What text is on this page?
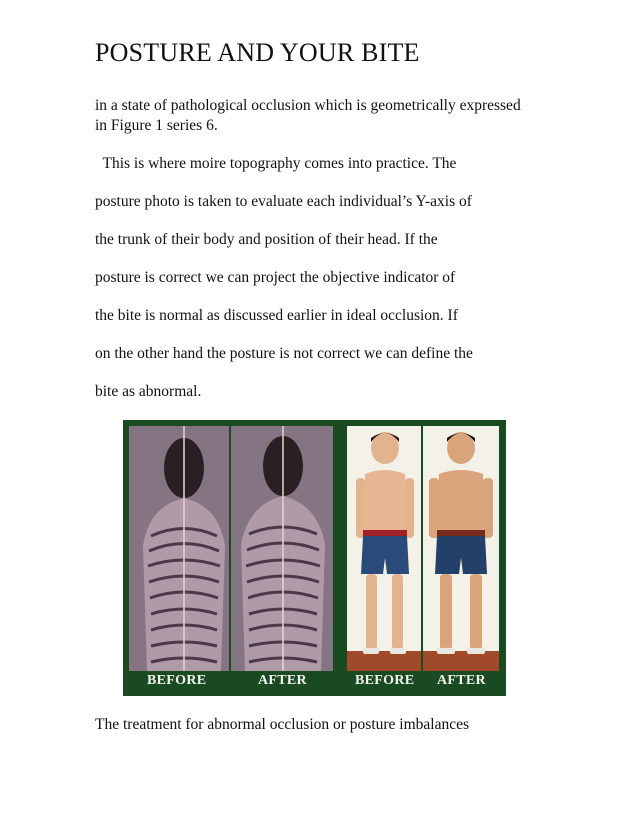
POSTURE AND YOUR BITE
in a state of pathological occlusion which is geometrically expressed in Figure 1 series 6.
This is where moire topography comes into practice. The
posture photo is taken to evaluate each individual’s Y-axis of
the trunk of their body and position of their head. If the
posture is correct we can project the objective indicator of
the bite is normal as discussed earlier in ideal occlusion. If
on the other hand the posture is not correct we can define the
bite as abnormal.
BEFORE	AFTER	BEFORE AFTER
The treatment for abnormal occlusion or posture imbalances
